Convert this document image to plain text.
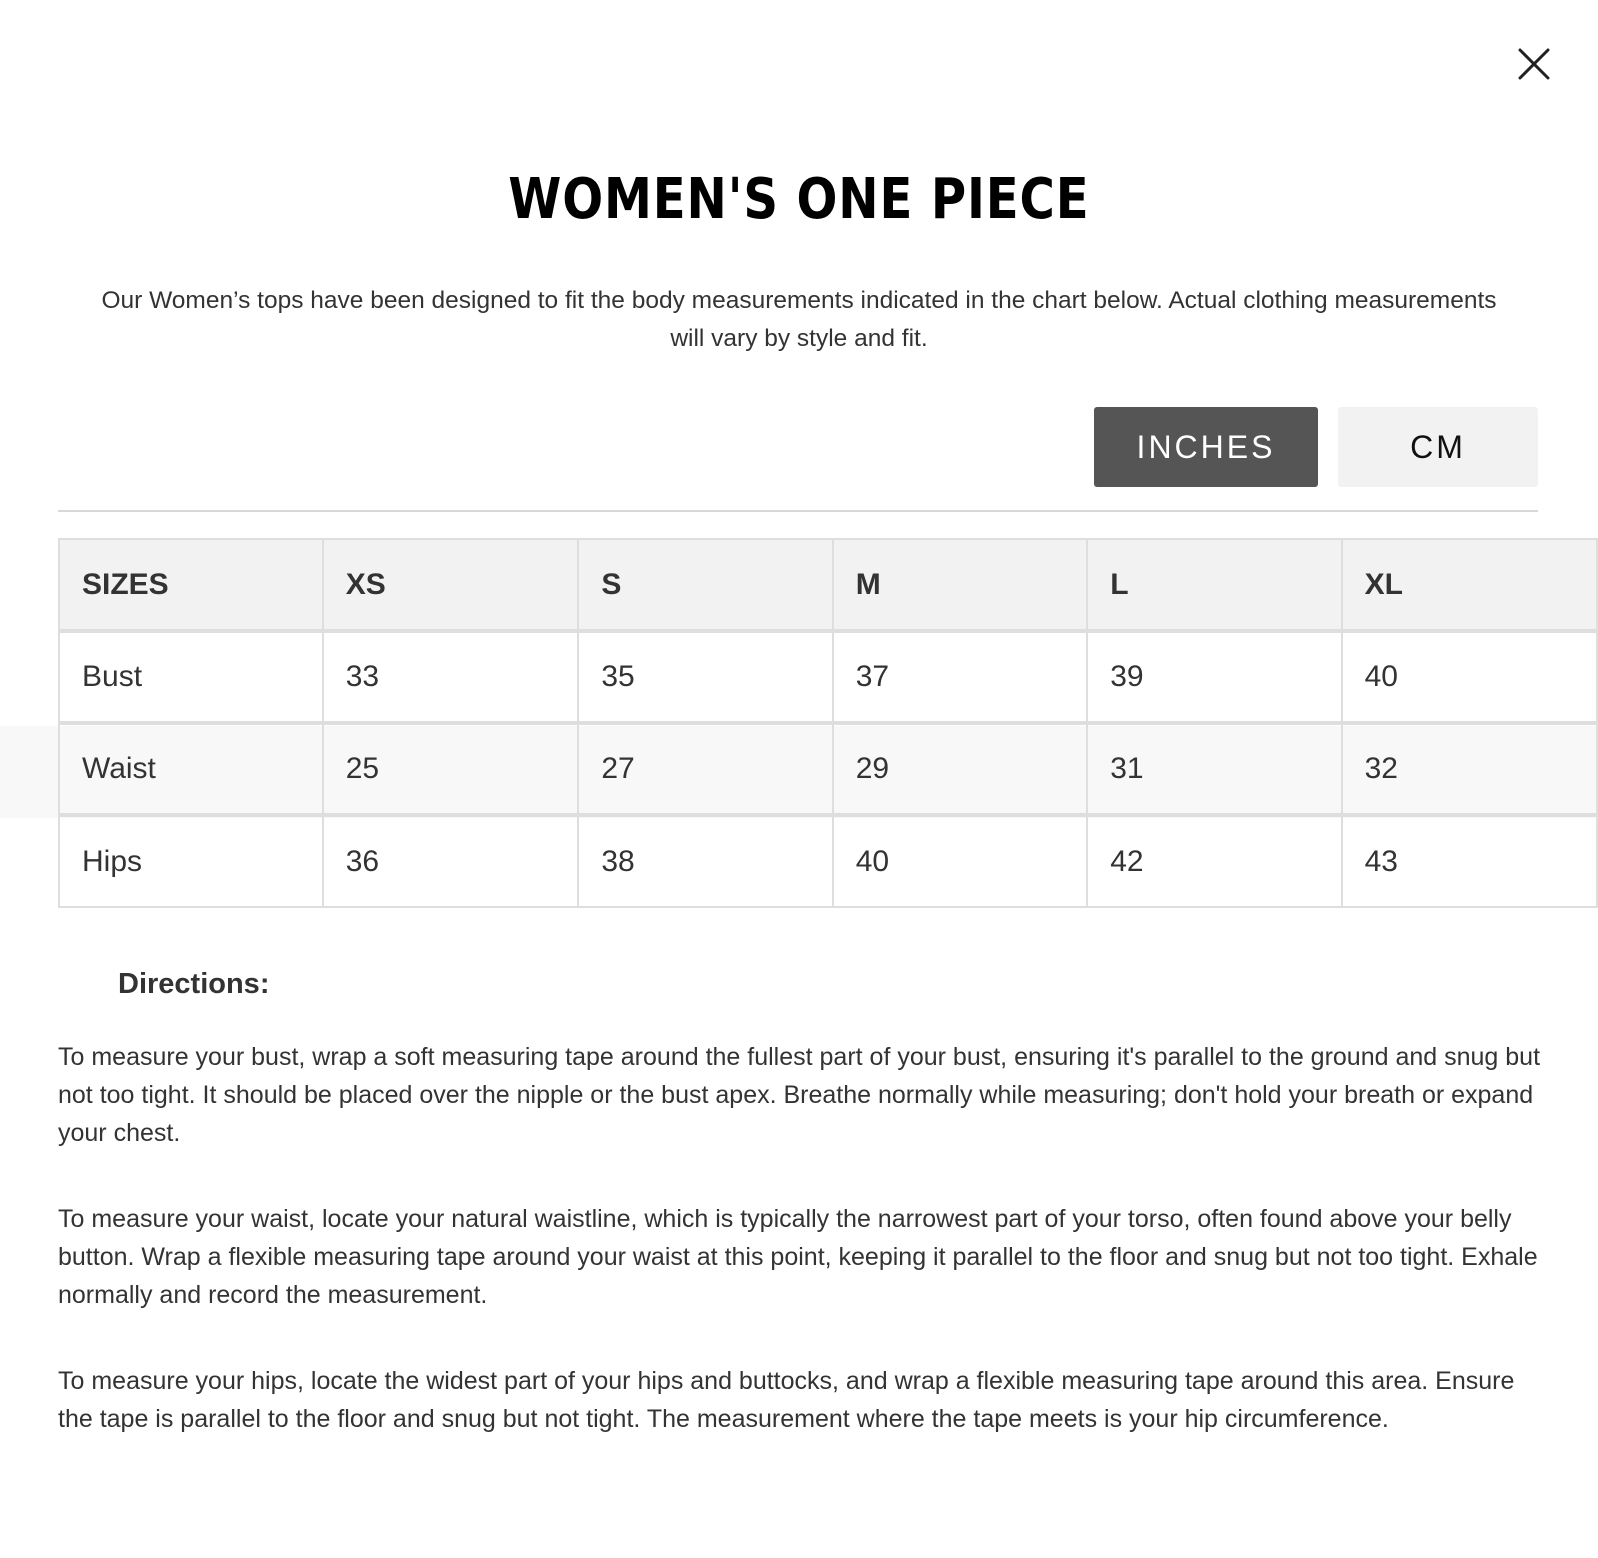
WOMEN'S ONE PIECE

Our Women’s tops have been designed to fit the body measurements indicated in the chart below. Actual clothing measurements will vary by style and fit.

INCHES	CM
SIZES	XS	S	M	L	XL
Bust	33	35	37	39	40
Waist	25	27	29	31	32
Hips	36	38	40	42	43
Directions:

To measure your bust, wrap a soft measuring tape around the fullest part of your bust, ensuring it's parallel to the ground and snug but not too tight. It should be placed over the nipple or the bust apex. Breathe normally while measuring; don't hold your breath or expand your chest.

To measure your waist, locate your natural waistline, which is typically the narrowest part of your torso, often found above your belly button. Wrap a flexible measuring tape around your waist at this point, keeping it parallel to the floor and snug but not too tight. Exhale normally and record the measurement.

To measure your hips, locate the widest part of your hips and buttocks, and wrap a flexible measuring tape around this area. Ensure the tape is parallel to the floor and snug but not tight. The measurement where the tape meets is your hip circumference.
